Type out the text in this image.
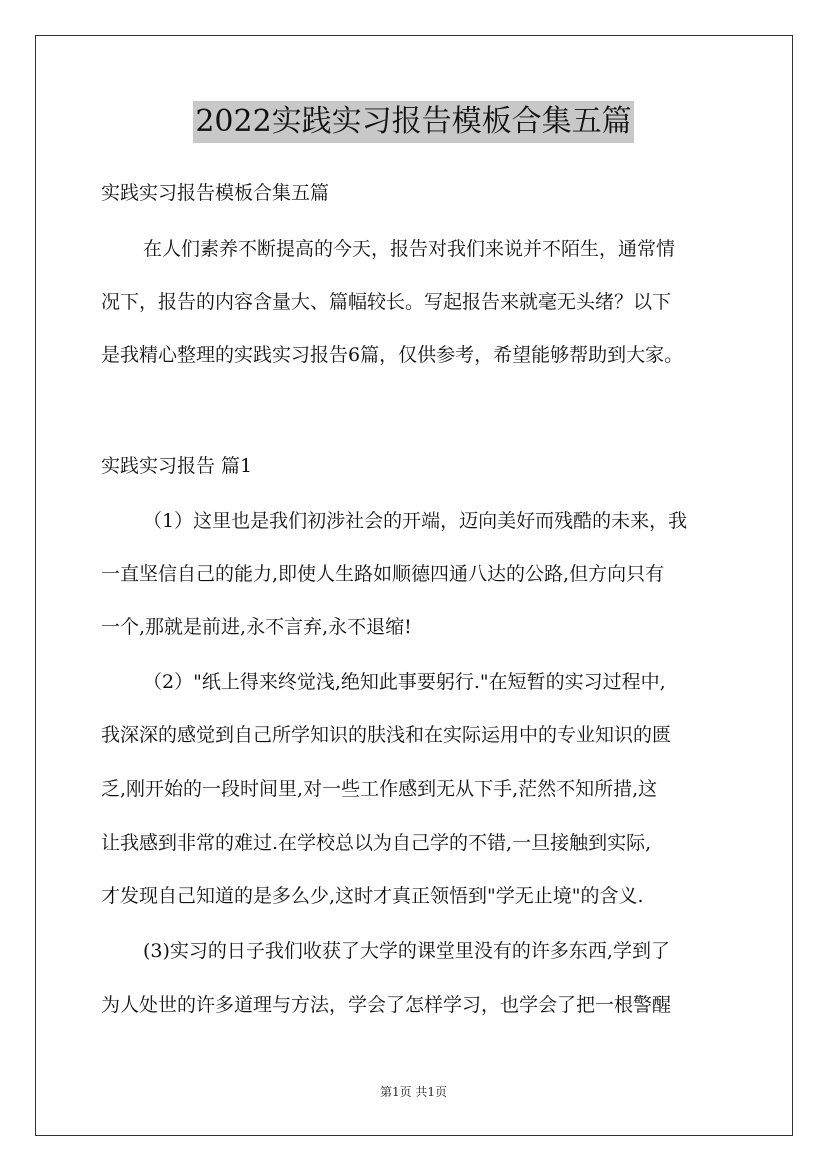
2022实践实习报告模板合集五篇
实践实习报告模板合集五篇
在人们素养不断提高的今天，报告对我们来说并不陌生，通常情
况下，报告的内容含量大、篇幅较长。写起报告来就毫无头绪？以下
是我精心整理的实践实习报告6篇，仅供参考，希望能够帮助到大家。
实践实习报告 篇1
（1）这里也是我们初涉社会的开端，迈向美好而残酷的未来，我
一直坚信自己的能力,即使人生路如顺德四通八达的公路,但方向只有
一个,那就是前进,永不言弃,永不退缩!
（2）"纸上得来终觉浅,绝知此事要躬行."在短暂的实习过程中,
我深深的感觉到自己所学知识的肤浅和在实际运用中的专业知识的匮
乏,刚开始的一段时间里,对一些工作感到无从下手,茫然不知所措,这
让我感到非常的难过.在学校总以为自己学的不错,一旦接触到实际,
才发现自己知道的是多么少,这时才真正领悟到"学无止境"的含义.
(3)实习的日子我们收获了大学的课堂里没有的许多东西,学到了
为人处世的许多道理与方法，学会了怎样学习，也学会了把一根警醒
第1页 共1页
